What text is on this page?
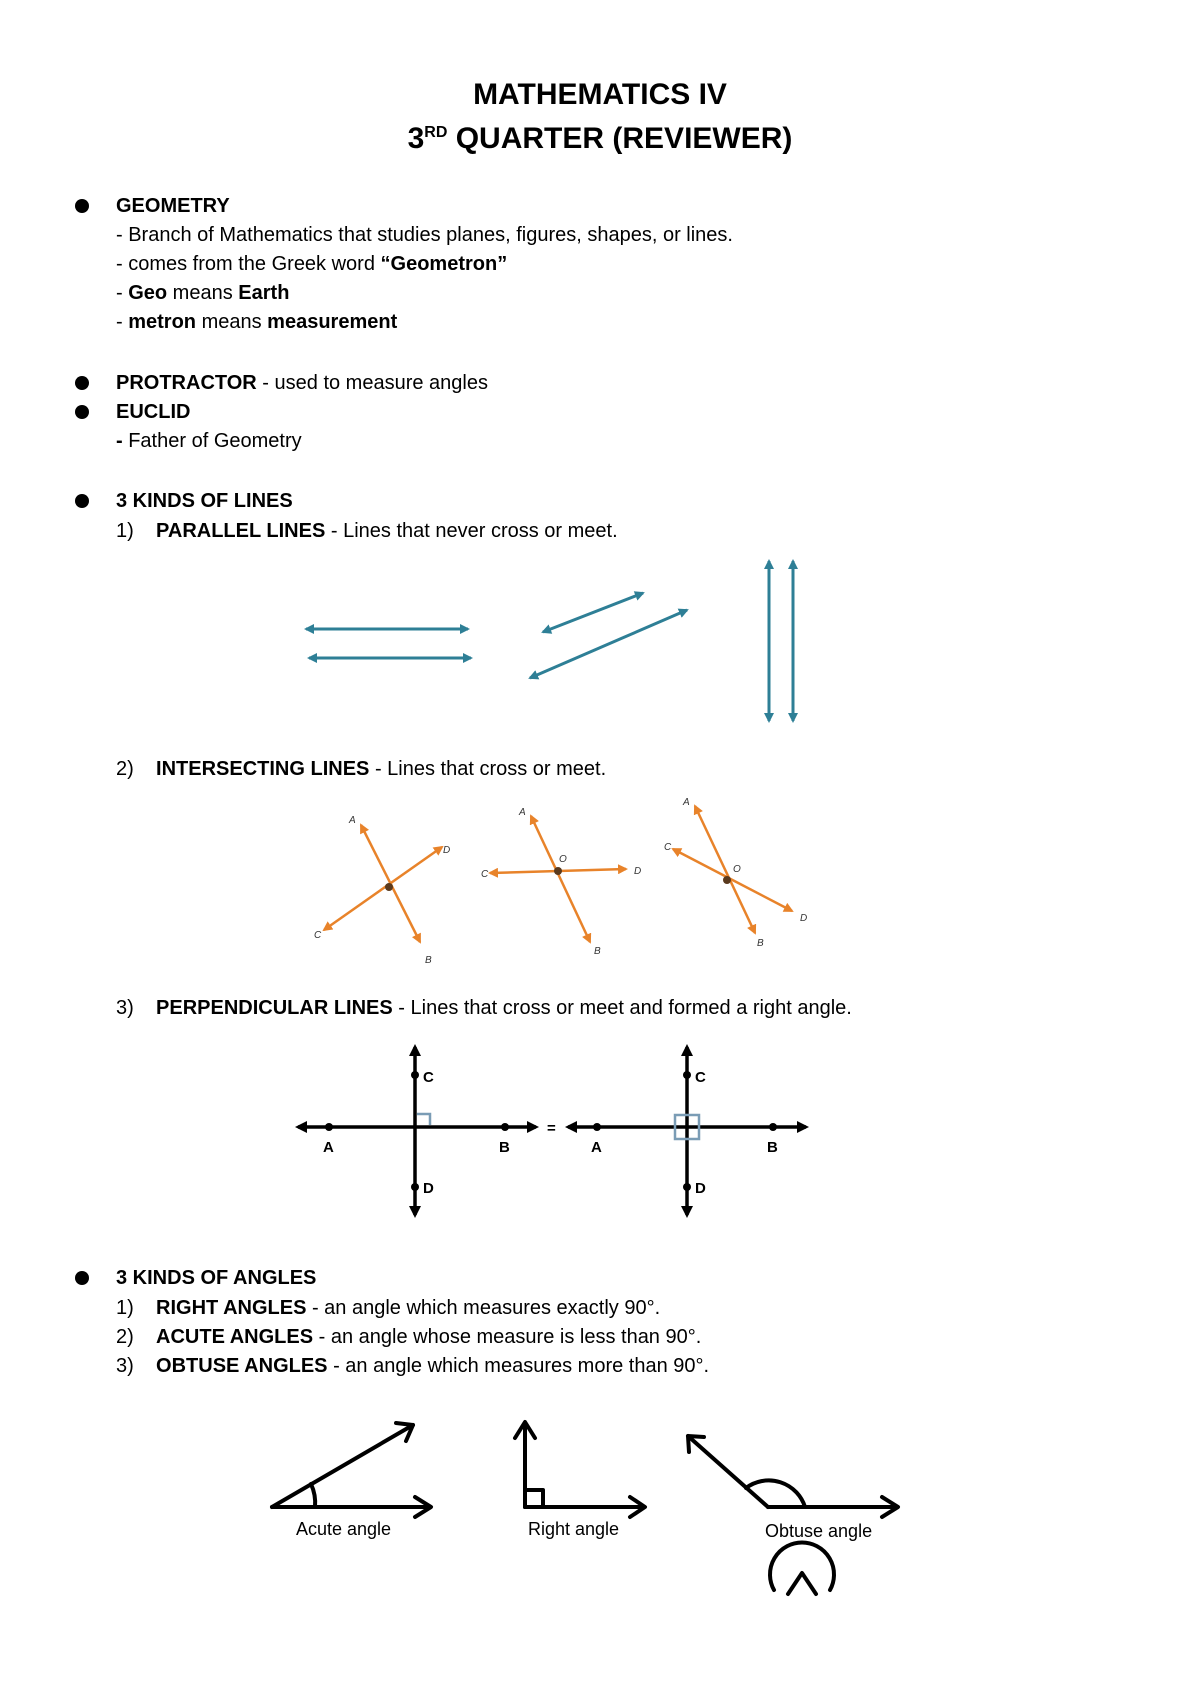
MATHEMATICS IV
3RD QUARTER (REVIEWER)
GEOMETRY
- Branch of Mathematics that studies planes, figures, shapes, or lines.
- comes from the Greek word “Geometron”
- Geo means Earth
- metron means measurement
PROTRACTOR - used to measure angles
EUCLID
- Father of Geometry
3 KINDS OF LINES
1) PARALLEL LINES - Lines that never cross or meet.
2) INTERSECTING LINES - Lines that cross or meet.
A
D
C
B
A
O
C	D
B
A
C
O
D
B
3) PERPENDICULAR LINES - Lines that cross or meet and formed a right angle.
A	B
C
D
=
A	B
C
D
3 KINDS OF ANGLES
1) RIGHT ANGLES - an angle which measures exactly 90°.
2) ACUTE ANGLES - an angle whose measure is less than 90°.
3) OBTUSE ANGLES - an angle which measures more than 90°.
Acute angle	Right angle	Obtuse angle
